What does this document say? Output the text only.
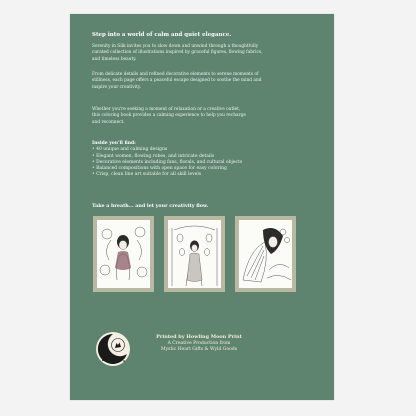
Step into a world of calm and quiet elegance.
Serenity in Silk invites you to slow down and unwind through a thoughtfully
curated collection of illustrations inspired by graceful figures, flowing fabrics,
and timeless beauty.
From delicate details and refined decorative elements to serene moments of
stillness, each page offers a peaceful escape designed to soothe the mind and
inspire your creativity.
Whether you're seeking a moment of relaxation or a creative outlet,
this coloring book provides a calming experience to help you recharge
and reconnect.
Inside you'll find:
• 40 unique and calming designs
• Elegant women, flowing robes, and intricate details
• Decorative elements including fans, florals, and cultural objects
• Balanced compositions with open space for easy coloring
• Crisp, clean line art suitable for all skill levels
Take a breath… and let your creativity flow.
Printed by Howling Moon Print
A Creative Production from
Mystic Heart Gifts & Wyld Goods
